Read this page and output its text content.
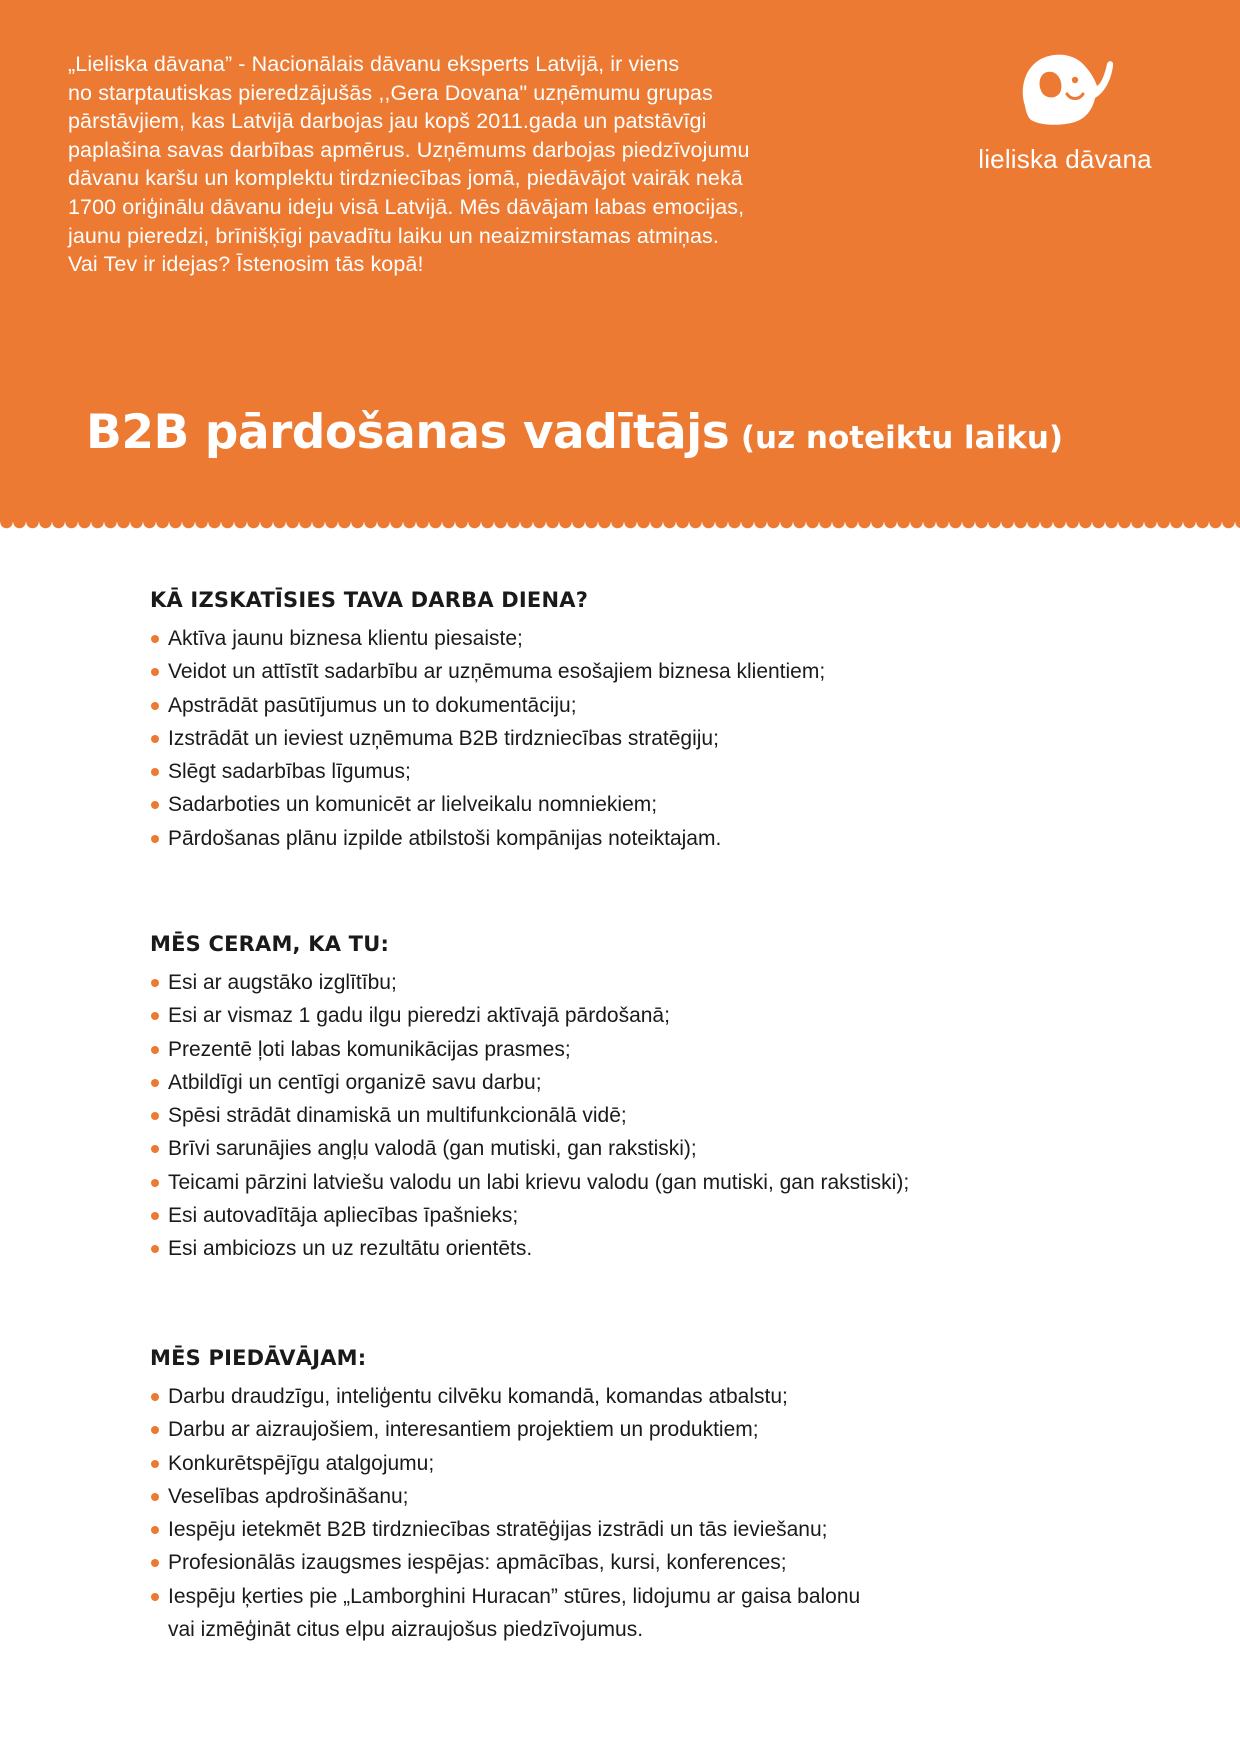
„Lieliska dāvana” - Nacionālais dāvanu eksperts Latvijā, ir viens
no starptautiskas pieredzājušās ,,Gera Dovana" uzņēmumu grupas
pārstāvjiem, kas Latvijā darbojas jau kopš 2011.gada un patstāvīgi
paplašina savas darbības apmērus. Uzņēmums darbojas piedzīvojumu
dāvanu karšu un komplektu tirdzniecības jomā, piedāvājot vairāk nekā
1700 oriģinālu dāvanu ideju visā Latvijā. Mēs dāvājam labas emocijas,
jaunu pieredzi, brīnišķīgi pavadītu laiku un neaizmirstamas atmiņas.
Vai Tev ir idejas? Īstenosim tās kopā!
lieliska dāvana
B2B pārdošanas vadītājs (uz noteiktu laiku)
KĀ IZSKATĪSIES TAVA DARBA DIENA?
Aktīva jaunu biznesa klientu piesaiste;
Veidot un attīstīt sadarbību ar uzņēmuma esošajiem biznesa klientiem;
Apstrādāt pasūtījumus un to dokumentāciju;
Izstrādāt un ieviest uzņēmuma B2B tirdzniecības stratēgiju;
Slēgt sadarbības līgumus;
Sadarboties un komunicēt ar lielveikalu nomniekiem;
Pārdošanas plānu izpilde atbilstoši kompānijas noteiktajam.
MĒS CERAM, KA TU:
Esi ar augstāko izglītību;
Esi ar vismaz 1 gadu ilgu pieredzi aktīvajā pārdošanā;
Prezentē ļoti labas komunikācijas prasmes;
Atbildīgi un centīgi organizē savu darbu;
Spēsi strādāt dinamiskā un multifunkcionālā vidē;
Brīvi sarunājies angļu valodā (gan mutiski, gan rakstiski);
Teicami pārzini latviešu valodu un labi krievu valodu (gan mutiski, gan rakstiski);
Esi autovadītāja apliecības īpašnieks;
Esi ambiciozs un uz rezultātu orientēts.
MĒS PIEDĀVĀJAM:
Darbu draudzīgu, inteliģentu cilvēku komandā, komandas atbalstu;
Darbu ar aizraujošiem, interesantiem projektiem un produktiem;
Konkurētspējīgu atalgojumu;
Veselības apdrošināšanu;
Iespēju ietekmēt B2B tirdzniecības stratēģijas izstrādi un tās ieviešanu;
Profesionālās izaugsmes iespējas: apmācības, kursi, konferences;
Iespēju ķerties pie „Lamborghini Huracan” stūres, lidojumu ar gaisa balonu
vai izmēģināt citus elpu aizraujošus piedzīvojumus.
